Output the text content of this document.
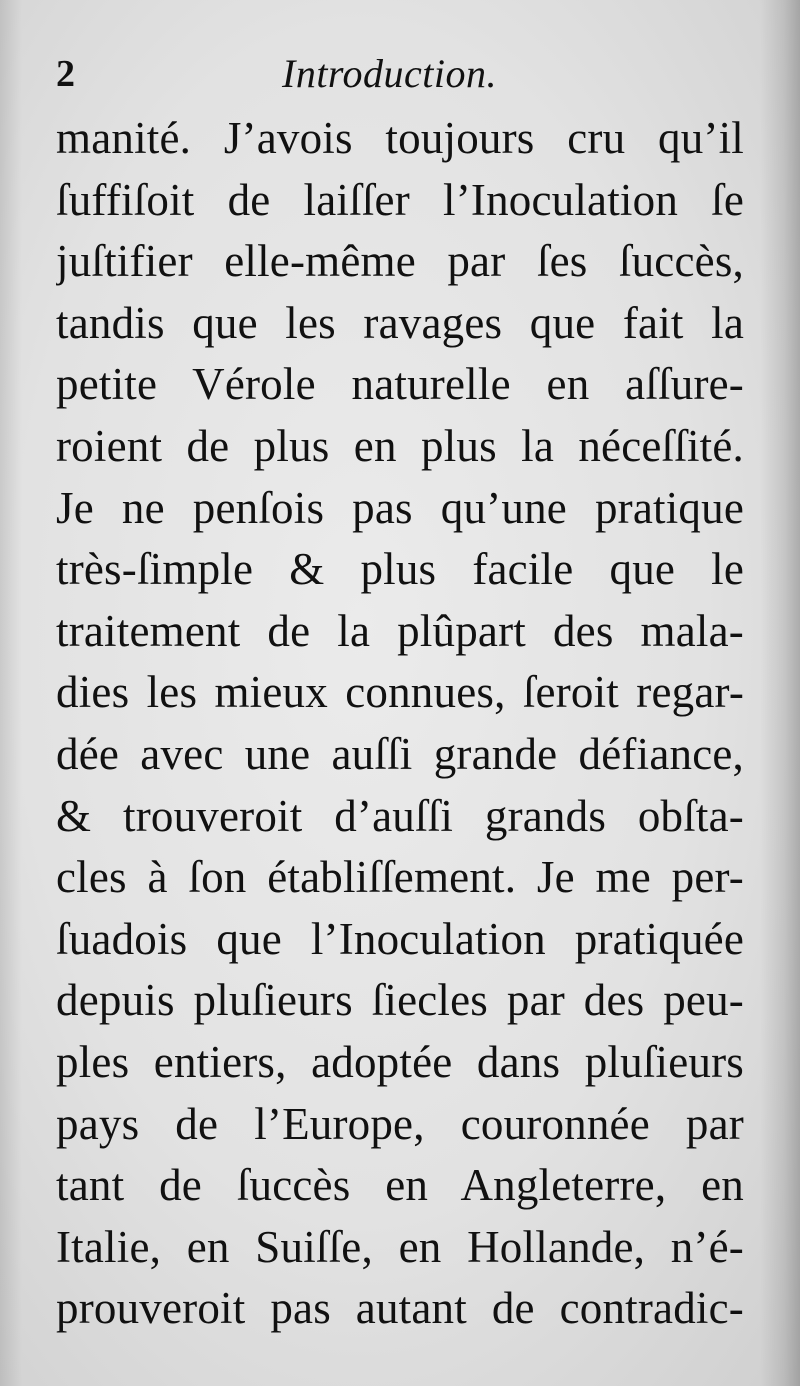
2	Introduction.
manité. J’avois toujours cru qu’il
ſuffiſoit de laiſſer l’Inoculation ſe
juſtifier elle-même par ſes ſuccès,
tandis que les ravages que fait la
petite Vérole naturelle en aſſure-
roient de plus en plus la néceſſité.
Je ne penſois pas qu’une pratique
très-ſimple & plus facile que le
traitement de la plûpart des mala-
dies les mieux connues, ſeroit regar-
dée avec une auſſi grande défiance,
& trouveroit d’auſſi grands obſta-
cles à ſon établiſſement. Je me per-
ſuadois que l’Inoculation pratiquée
depuis pluſieurs ſiecles par des peu-
ples entiers, adoptée dans pluſieurs
pays de l’Europe, couronnée par
tant de ſuccès en Angleterre, en
Italie, en Suiſſe, en Hollande, n’é-
prouveroit pas autant de contradic-
